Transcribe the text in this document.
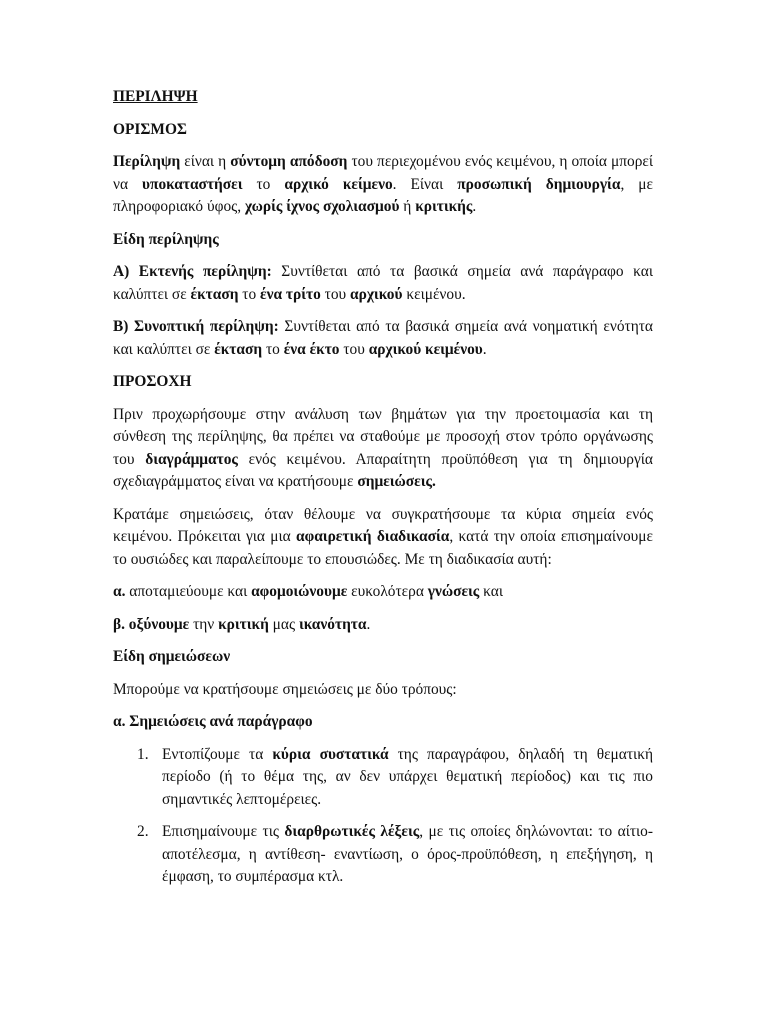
ΠΕΡΙΛΗΨΗ

ΟΡΙΣΜΟΣ

Περίληψη είναι η σύντομη απόδοση του περιεχομένου ενός κειμένου, η οποία μπορεί να υποκαταστήσει το αρχικό κείμενο. Είναι προσωπική δημιουργία, με πληροφοριακό ύφος, χωρίς ίχνος σχολιασμού ή κριτικής.

Είδη περίληψης

Α) Εκτενής περίληψη: Συντίθεται από τα βασικά σημεία ανά παράγραφο και καλύπτει σε έκταση το ένα τρίτο του αρχικού κειμένου.

Β) Συνοπτική περίληψη: Συντίθεται από τα βασικά σημεία ανά νοηματική ενότητα και καλύπτει σε έκταση το ένα έκτο του αρχικού κειμένου.

ΠΡΟΣΟΧΗ

Πριν προχωρήσουμε στην ανάλυση των βημάτων για την προετοιμασία και τη σύνθεση της περίληψης, θα πρέπει να σταθούμε με προσοχή στον τρόπο οργάνωσης του διαγράμματος ενός κειμένου. Απαραίτητη προϋπόθεση για τη δημιουργία σχεδιαγράμματος είναι να κρατήσουμε σημειώσεις.

Κρατάμε σημειώσεις, όταν θέλουμε να συγκρατήσουμε τα κύρια σημεία ενός κειμένου. Πρόκειται για μια αφαιρετική διαδικασία, κατά την οποία επισημαίνουμε το ουσιώδες και παραλείπουμε το επουσιώδες. Με τη διαδικασία αυτή:

α. αποταμιεύουμε και αφομοιώνουμε ευκολότερα γνώσεις και

β. οξύνουμε την κριτική μας ικανότητα.

Είδη σημειώσεων

Μπορούμε να κρατήσουμε σημειώσεις με δύο τρόπους:

α. Σημειώσεις ανά παράγραφο

1. Εντοπίζουμε τα κύρια συστατικά της παραγράφου, δηλαδή τη θεματική περίοδο (ή το θέμα της, αν δεν υπάρχει θεματική περίοδος) και τις πιο σημαντικές λεπτομέρειες.
2. Επισημαίνουμε τις διαρθρωτικές λέξεις, με τις οποίες δηλώνονται: το αίτιο-αποτέλεσμα, η αντίθεση- εναντίωση, ο όρος-προϋπόθεση, η επεξήγηση, η έμφαση, το συμπέρασμα κτλ.
